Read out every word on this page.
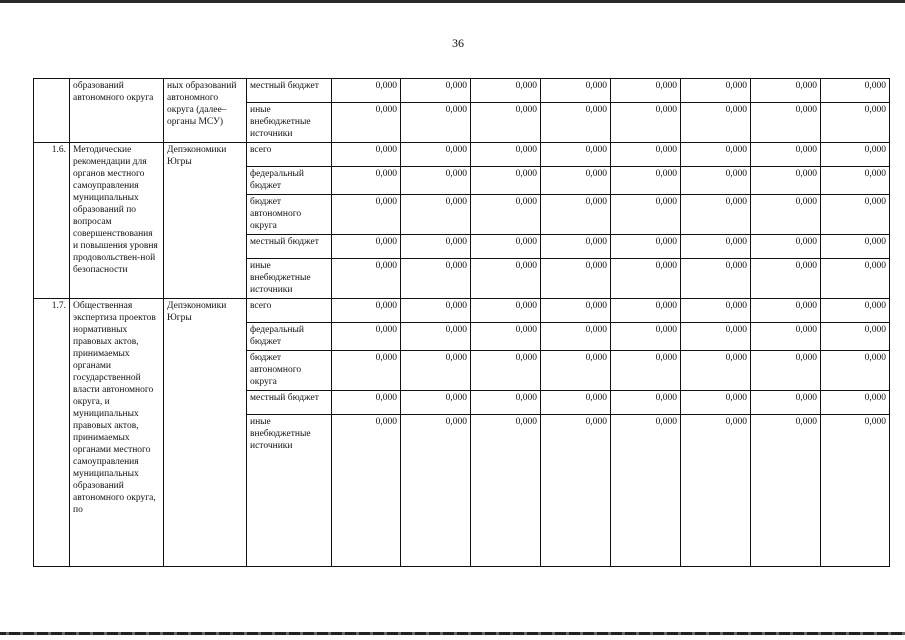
36
	образований автономного округа	ных образований автономного округа (далее–органы МСУ)	местный бюджет	0,000	0,000	0,000	0,000	0,000	0,000	0,000	0,000
			иные внебюджетные источники	0,000	0,000	0,000	0,000	0,000	0,000	0,000	0,000
1.6.	Методические рекомендации для органов местного самоуправления муниципальных образований по вопросам совершенствования и повышения уровня продовольствен-ной безопасности	Депэкономики Югры	всего	0,000	0,000	0,000	0,000	0,000	0,000	0,000	0,000
			федеральный бюджет	0,000	0,000	0,000	0,000	0,000	0,000	0,000	0,000
			бюджет автономного округа	0,000	0,000	0,000	0,000	0,000	0,000	0,000	0,000
			местный бюджет	0,000	0,000	0,000	0,000	0,000	0,000	0,000	0,000
			иные внебюджетные источники	0,000	0,000	0,000	0,000	0,000	0,000	0,000	0,000
1.7.	Общественная экспертиза проектов нормативных правовых актов, принимаемых органами государственной власти автономного округа, и муниципальных правовых актов, принимаемых органами местного самоуправления муниципальных образований автономного округа, по	Депэкономики Югры	всего	0,000	0,000	0,000	0,000	0,000	0,000	0,000	0,000
			федеральный бюджет	0,000	0,000	0,000	0,000	0,000	0,000	0,000	0,000
			бюджет автономного округа	0,000	0,000	0,000	0,000	0,000	0,000	0,000	0,000
			местный бюджет	0,000	0,000	0,000	0,000	0,000	0,000	0,000	0,000
			иные внебюджетные источники	0,000	0,000	0,000	0,000	0,000	0,000	0,000	0,000
